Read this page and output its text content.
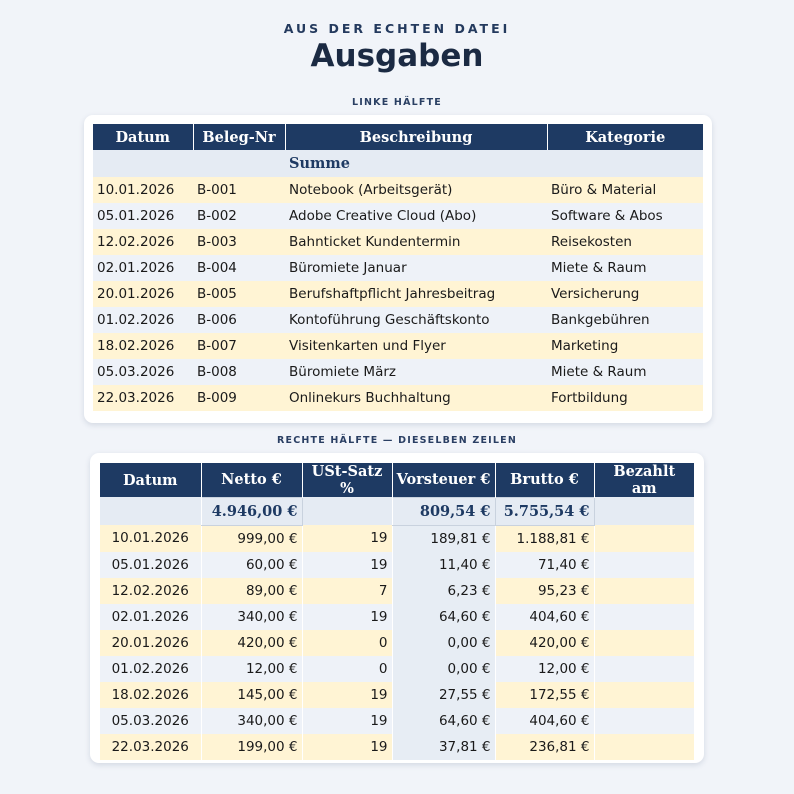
AUS DER ECHTEN DATEI
Ausgaben
LINKE HÄLFTE
Datum	Beleg-Nr	Beschreibung	Kategorie
		Summe	
10.01.2026	B-001	Notebook (Arbeitsgerät)	Büro & Material
05.01.2026	B-002	Adobe Creative Cloud (Abo)	Software & Abos
12.02.2026	B-003	Bahnticket Kundentermin	Reisekosten
02.01.2026	B-004	Büromiete Januar	Miete & Raum
20.01.2026	B-005	Berufshaftpflicht Jahresbeitrag	Versicherung
01.02.2026	B-006	Kontoführung Geschäftskonto	Bankgebühren
18.02.2026	B-007	Visitenkarten und Flyer	Marketing
05.03.2026	B-008	Büromiete März	Miete & Raum
22.03.2026	B-009	Onlinekurs Buchhaltung	Fortbildung
RECHTE HÄLFTE — DIESELBEN ZEILEN
Datum	Netto €	USt-Satz %	Vorsteuer €	Brutto €	Bezahlt am
	4.946,00 €		809,54 €	5.755,54 €	
10.01.2026	999,00 €	19	189,81 €	1.188,81 €	
05.01.2026	60,00 €	19	11,40 €	71,40 €	
12.02.2026	89,00 €	7	6,23 €	95,23 €	
02.01.2026	340,00 €	19	64,60 €	404,60 €	
20.01.2026	420,00 €	0	0,00 €	420,00 €	
01.02.2026	12,00 €	0	0,00 €	12,00 €	
18.02.2026	145,00 €	19	27,55 €	172,55 €	
05.03.2026	340,00 €	19	64,60 €	404,60 €	
22.03.2026	199,00 €	19	37,81 €	236,81 €	
